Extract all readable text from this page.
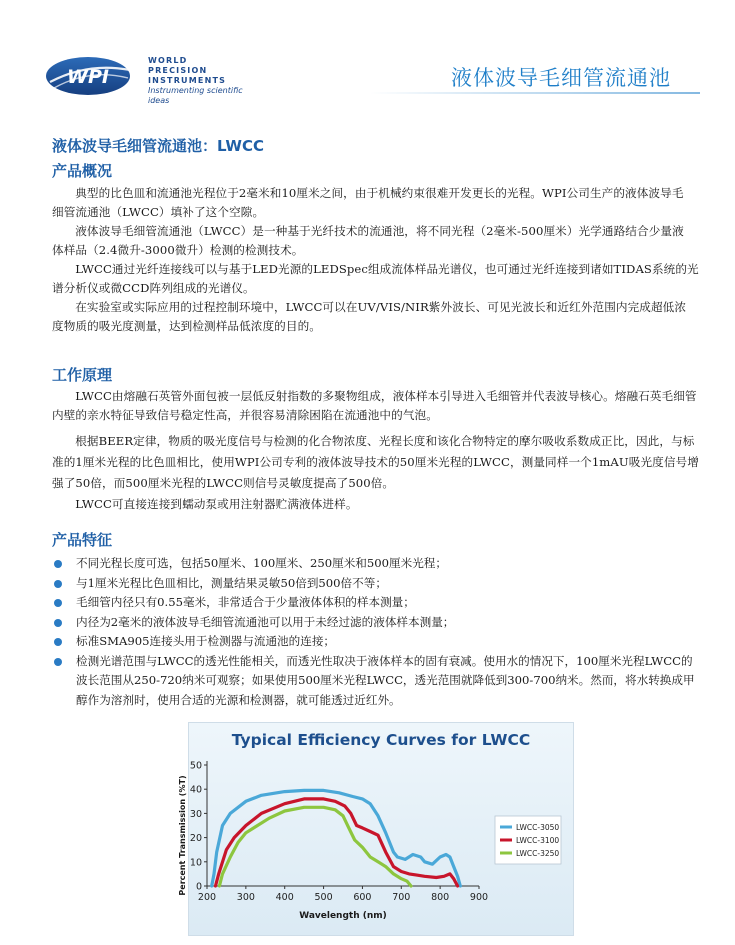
WPI
WORLD
PRECISION
INSTRUMENTS
Instrumenting scientific ideas
液体波导毛细管流通池
液体波导毛细管流通池：LWCC
产品概况
典型的比色皿和流通池光程位于2毫米和10厘米之间，由于机械约束很难开发更长的光程。WPI公司生产的液体波导毛细管流通池（LWCC）填补了这个空隙。
液体波导毛细管流通池（LWCC）是一种基于光纤技术的流通池，将不同光程（2毫米-500厘米）光学通路结合少量液体样品（2.4微升-3000微升）检测的检测技术。
LWCC通过光纤连接线可以与基于LED光源的LEDSpec组成流体样品光谱仪，也可通过光纤连接到诸如TIDAS系统的光谱分析仪或微CCD阵列组成的光谱仪。
在实验室或实际应用的过程控制环境中，LWCC可以在UV/VIS/NIR紫外波长、可见光波长和近红外范围内完成超低浓度物质的吸光度测量，达到检测样品低浓度的目的。
工作原理
LWCC由熔融石英管外面包被一层低反射指数的多聚物组成，液体样本引导进入毛细管并代表波导核心。熔融石英毛细管内壁的亲水特征导致信号稳定性高，并很容易清除困陷在流通池中的气泡。
根据BEER定律，物质的吸光度信号与检测的化合物浓度、光程长度和该化合物特定的摩尔吸收系数成正比，因此，与标准的1厘米光程的比色皿相比，使用WPI公司专利的液体波导技术的50厘米光程的LWCC，测量同样一个1mAU吸光度信号增强了50倍，而500厘米光程的LWCC则信号灵敏度提高了500倍。
LWCC可直接连接到蠕动泵或用注射器贮满液体进样。
产品特征
不同光程长度可选，包括50厘米、100厘米、250厘米和500厘米光程；
与1厘米光程比色皿相比，测量结果灵敏50倍到500倍不等；
毛细管内径只有0.55毫米，非常适合于少量液体体积的样本测量；
内径为2毫米的液体波导毛细管流通池可以用于未经过滤的液体样本测量；
标准SMA905连接头用于检测器与流通池的连接；
检测光谱范围与LWCC的透光性能相关，而透光性取决于液体样本的固有衰减。使用水的情况下，100厘米光程LWCC的波长范围从250-720纳米可观察；如果使用500厘米光程LWCC，透光范围就降低到300-700纳米。然而，将水转换成甲醇作为溶剂时，使用合适的光源和检测器，就可能透过近红外。
Typical Efficiency Curves for LWCC
0
10
20
30
40
50
200 300 400 500 600 700 800 900
Wavelength (nm)
Percent Transmission (%T)	LWCC-3050
LWCC-3100
LWCC-3250
